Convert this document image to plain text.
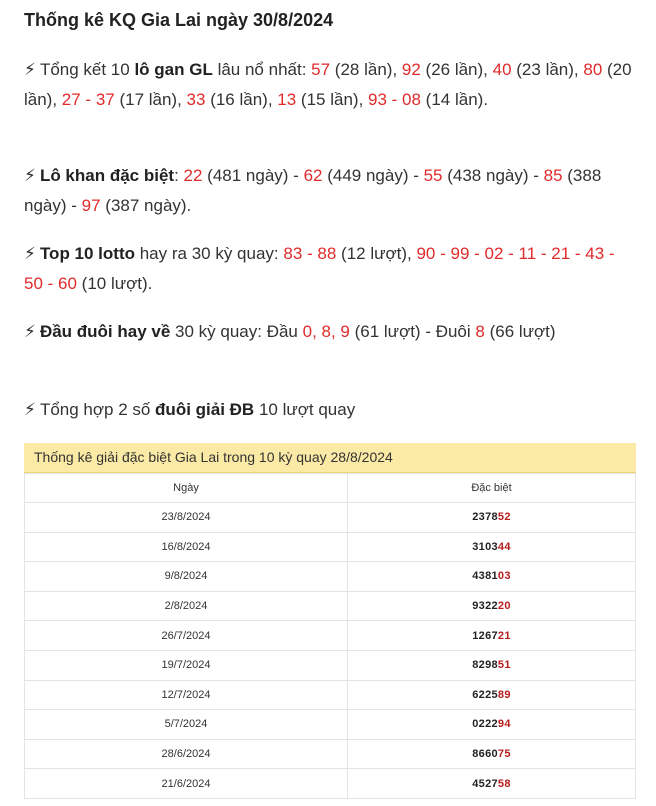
Thống kê KQ Gia Lai ngày 30/8/2024
⚡ Tổng kết 10 lô gan GL lâu nổ nhất: 57 (28 lần), 92 (26 lần), 40 (23 lần), 80 (20 lần), 27 - 37 (17 lần), 33 (16 lần), 13 (15 lần), 93 - 08 (14 lần).
⚡ Lô khan đặc biệt: 22 (481 ngày) - 62 (449 ngày) - 55 (438 ngày) - 85 (388 ngày) - 97 (387 ngày).
⚡ Top 10 lotto hay ra 30 kỳ quay: 83 - 88 (12 lượt), 90 - 99 - 02 - 11 - 21 - 43 - 50 - 60 (10 lượt).
⚡ Đầu đuôi hay về 30 kỳ quay: Đầu 0, 8, 9 (61 lượt) - Đuôi 8 (66 lượt)
⚡ Tổng hợp 2 số đuôi giải ĐB 10 lượt quay
Thống kê giải đặc biệt Gia Lai trong 10 kỳ quay 28/8/2024
Ngày	Đặc biệt
23/8/2024	237852
16/8/2024	310344
9/8/2024	438103
2/8/2024	932220
26/7/2024	126721
19/7/2024	829851
12/7/2024	622589
5/7/2024	022294
28/6/2024	866075
21/6/2024	452758
